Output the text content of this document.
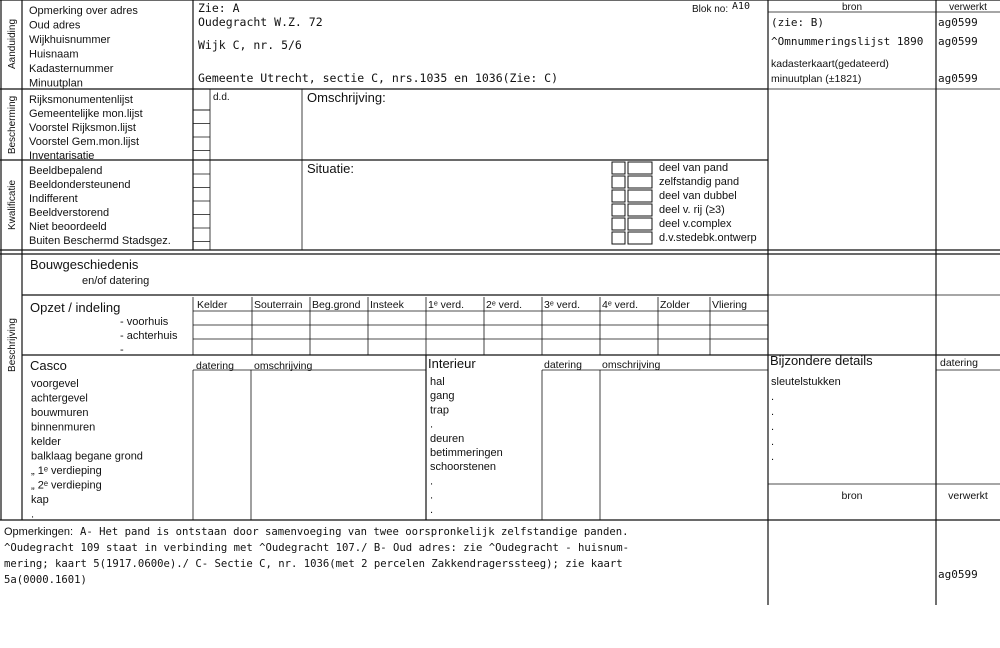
Opmerking over adres
Oud adres
Wijkhuisnummer
Huisnaam
Kadasternummer
Minuutplan
Aanduiding
Blok no: A10	bron	verwerkt
Zie: A
Oudegracht W.Z. 72
Wijk C, nr. 5/6
Gemeente Utrecht, sectie C, nrs.1035 en 1036(Zie: C)
(zie: B)	ag0599
^Omnummeringslijst 1890 ag0599
kadasterkaart(gedateerd)
minuutplan (±1821)	ag0599
Bescherming Rijksmonumentenlijst
Gemeentelijke mon.lijst
Voorstel Rijksmon.lijst
Voorstel Gem.mon.lijst
Inventarisatie
d.d.	Omschrijving:
Kwalificatie
Beeldbepalend
Beeldondersteunend
Indifferent
Beeldverstorend
Niet beoordeeld
Buiten Beschermd Stadsgez.
Situatie:	deel van pand
zelfstandig pand
deel van dubbel
deel v. rij (≥3)
deel v.complex
d.v.stedebk.ontwerp
Beschrijving
Bouwgeschiedenis
en/of datering
Opzet / indeling	Kelder	Souterrain Beg.grond Insteek 1ᵉ verd. 2ᵉ verd. 3ᵉ verd. 4ᵉ verd. Zolder Vliering
- voorhuis
- achterhuis
-
Casco	datering omschrijving
voorgevel
achtergevel
bouwmuren
binnenmuren
kelder
balklaag begane grond
„ 1ᵉ verdieping
„ 2ᵉ verdieping
kap
.
Interieur	datering omschrijving
hal
gang
trap
.
deuren
betimmeringen
schoorstenen
.
.
.
Bijzondere details	datering
sleutelstukken
.
.
.
.
.
bron	verwerkt
Opmerkingen: A- Het pand is ontstaan door samenvoeging van twee oorspronkelijk zelfstandige panden.
^Oudegracht 109 staat in verbinding met ^Oudegracht 107./ B- Oud adres: zie ^Oudegracht - huisnum-
mering; kaart 5(1917.0600e)./ C- Sectie C, nr. 1036(met 2 percelen Zakkendragerssteeg); zie kaart
5a(0000.1601)	ag0599
